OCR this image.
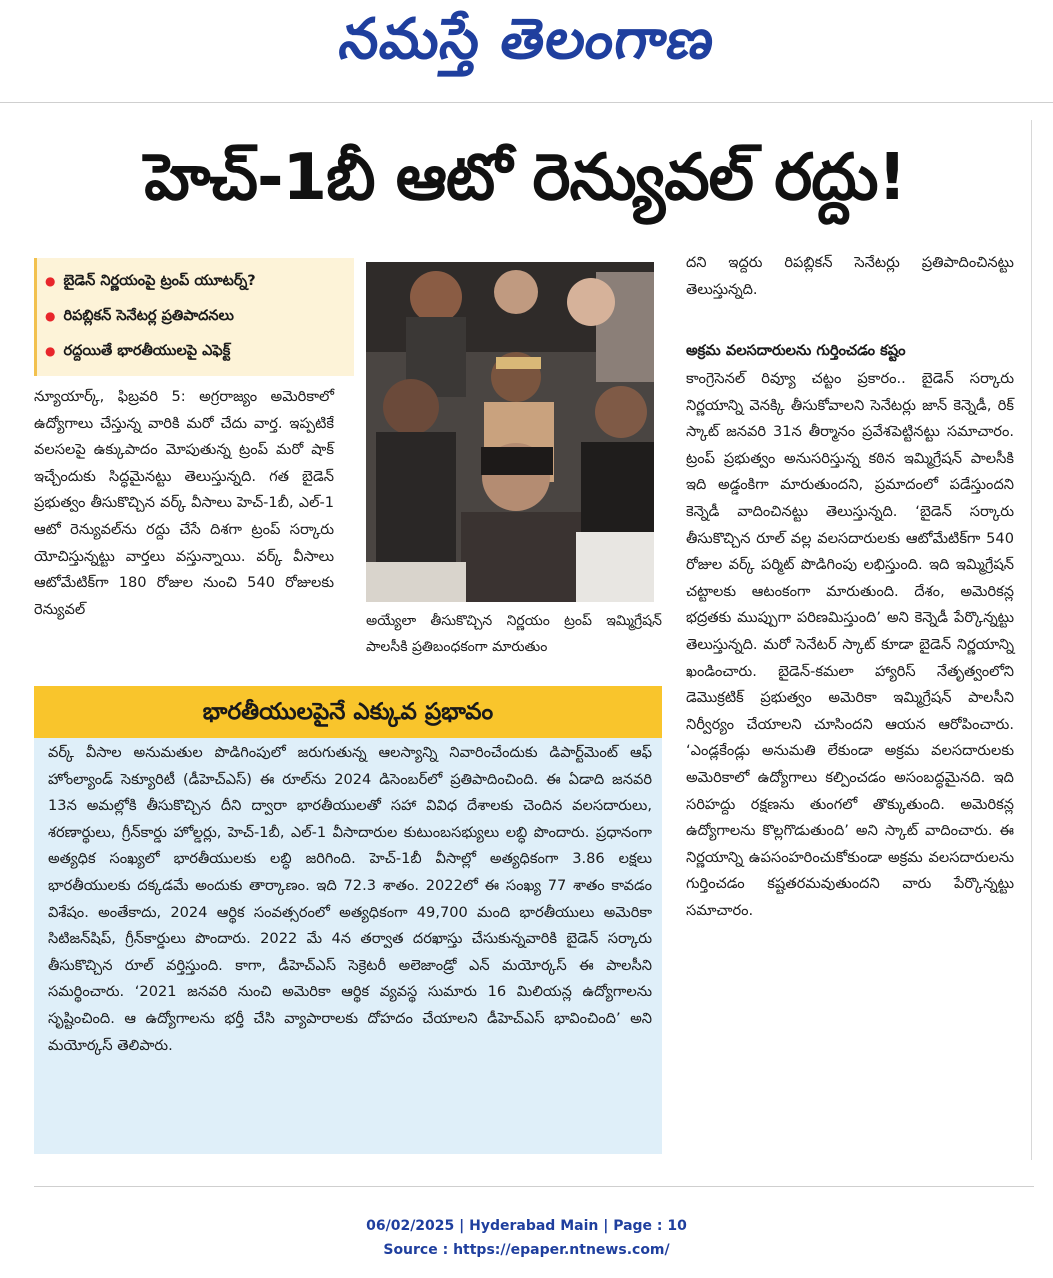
నమస్తే తెలంగాణ
హెచ్‌-1బీ ఆటో రెన్యువల్‌ రద్దు!
● బైడెన్‌ నిర్ణయంపై ట్రంప్‌ యూటర్న్‌?
● రిపబ్లికన్‌ సెనేటర్ల ప్రతిపాదనలు
● రద్దయితే భారతీయులపై ఎఫెక్ట్‌
న్యూయార్క్‌, ఫిబ్రవరి 5: అగ్రరాజ్యం అమెరికాలో ఉద్యోగాలు చేస్తున్న వారికి మరో చేదు వార్త. ఇప్పటికే వలసలపై ఉక్కుపాదం మోపుతున్న ట్రంప్‌ మరో షాక్‌ ఇచ్చేందుకు సిద్ధమైనట్టు తెలుస్తున్నది. గత బైడెన్‌ ప్రభుత్వం తీసుకొచ్చిన వర్క్‌ వీసాలు హెచ్‌-1బీ, ఎల్‌-1 ఆటో రెన్యువల్‌ను రద్దు చేసే దిశగా ట్రంప్‌ సర్కారు యోచిస్తున్నట్టు వార్తలు వస్తున్నాయి. వర్క్‌ వీసాలు ఆటోమేటిక్‌గా 180 రోజుల నుంచి 540 రోజులకు రెన్యువల్‌
అయ్యేలా తీసుకొచ్చిన నిర్ణయం ట్రంప్‌ ఇమ్మిగ్రేషన్‌ పాలసీకి ప్రతిబంధకంగా మారుతుం
దని ఇద్దరు రిపబ్లికన్‌ సెనేటర్లు ప్రతిపాదించినట్టు తెలుస్తున్నది.
అక్రమ వలసదారులను గుర్తించడం కష్టం
కాంగ్రెసెనల్‌ రివ్యూ చట్టం ప్రకారం.. బైడెన్‌ సర్కారు నిర్ణయాన్ని వెనక్కి తీసుకోవాలని సెనేటర్లు జాన్‌ కెన్నెడీ, రిక్‌ స్కాట్‌ జనవరి 31న తీర్మానం ప్రవేశపెట్టినట్టు సమాచారం. ట్రంప్‌ ప్రభుత్వం అనుసరిస్తున్న కఠిన ఇమ్మిగ్రేషన్‌ పాలసీకి ఇది అడ్డంకిగా మారుతుందని, ప్రమాదంలో పడేస్తుందని కెన్నెడీ వాదించినట్టు తెలుస్తున్నది. ‘బైడెన్‌ సర్కారు తీసుకొచ్చిన రూల్‌ వల్ల వలసదారులకు ఆటోమేటిక్‌గా 540 రోజుల వర్క్‌ పర్మిట్‌ పొడిగింపు లభిస్తుంది. ఇది ఇమ్మిగ్రేషన్‌ చట్టాలకు ఆటంకంగా మారుతుంది. దేశం, అమెరికన్ల భద్రతకు ముప్పుగా పరిణమిస్తుంది’ అని కెన్నెడీ పేర్కొన్నట్టు తెలుస్తున్నది. మరో సెనేటర్‌ స్కాట్‌ కూడా బైడెన్‌ నిర్ణయాన్ని ఖండించారు. బైడెన్‌-కమలా హ్యారిస్‌ నేతృత్వంలోని డెమొక్రటిక్‌ ప్రభుత్వం అమెరికా ఇమ్మిగ్రేషన్‌ పాలసీని నిర్వీర్యం చేయాలని చూసిందని ఆయన ఆరోపించారు. ‘ఎండ్లకేండ్లు అనుమతి లేకుండా అక్రమ వలసదారులకు అమెరికాలో ఉద్యోగాలు కల్పించడం అసంబద్ధమైనది. ఇది సరిహద్దు రక్షణను తుంగలో తొక్కుతుంది. అమెరికన్ల ఉద్యోగాలను కొల్లగొడుతుంది’ అని స్కాట్‌ వాదించారు. ఈ నిర్ణయాన్ని ఉపసంహరించుకోకుండా అక్రమ వలసదారులను గుర్తించడం కష్టతరమవుతుందని వారు పేర్కొన్నట్టు సమాచారం.
భారతీయులపైనే ఎక్కువ ప్రభావం

వర్క్‌ వీసాల అనుమతుల పొడిగింపులో జరుగుతున్న ఆలస్యాన్ని నివారించేందుకు డిపార్ట్‌మెంట్‌ ఆఫ్‌ హోంల్యాండ్‌ సెక్యూరిటీ (డీహెచ్‌ఎస్‌) ఈ రూల్‌ను 2024 డిసెంబర్‌లో ప్రతిపాదించింది. ఈ ఏడాది జనవరి 13న అమల్లోకి తీసుకొచ్చిన దీని ద్వారా భారతీయులతో సహా వివిధ దేశాలకు చెందిన వలసదారులు, శరణార్థులు, గ్రీన్‌కార్డు హోల్డర్లు, హెచ్‌-1బీ, ఎల్‌-1 వీసాదారుల కుటుంబసభ్యులు లబ్ధి పొందారు. ప్రధానంగా అత్యధిక సంఖ్యలో భారతీయులకు లబ్ధి జరిగింది. హెచ్‌-1బీ వీసాల్లో అత్యధికంగా 3.86 లక్షలు భారతీయులకు దక్కడమే అందుకు తార్కాణం. ఇది 72.3 శాతం. 2022లో ఈ సంఖ్య 77 శాతం కావడం విశేషం. అంతేకాదు, 2024 ఆర్థిక సంవత్సరంలో అత్యధికంగా 49,700 మంది భారతీయులు అమెరికా సిటిజన్‌షిప్‌, గ్రీన్‌కార్డులు పొందారు. 2022 మే 4న తర్వాత దరఖాస్తు చేసుకున్నవారికి బైడెన్‌ సర్కారు తీసుకొచ్చిన రూల్‌ వర్తిస్తుంది. కాగా, డీహెచ్‌ఎస్‌ సెక్రెటరీ అలెజాండ్రో ఎన్‌ మయోర్కస్‌ ఈ పాలసీని సమర్థించారు. ‘2021 జనవరి నుంచి అమెరికా ఆర్థిక వ్యవస్థ సుమారు 16 మిలియన్ల ఉద్యోగాలను సృష్టించింది. ఆ ఉద్యోగాలను భర్తీ చేసి వ్యాపారాలకు దోహదం చేయాలని డీహెచ్‌ఎస్‌ భావించింది’ అని మయోర్కస్‌ తెలిపారు.

06/02/2025 | Hyderabad Main | Page : 10
Source : https://epaper.ntnews.com/
